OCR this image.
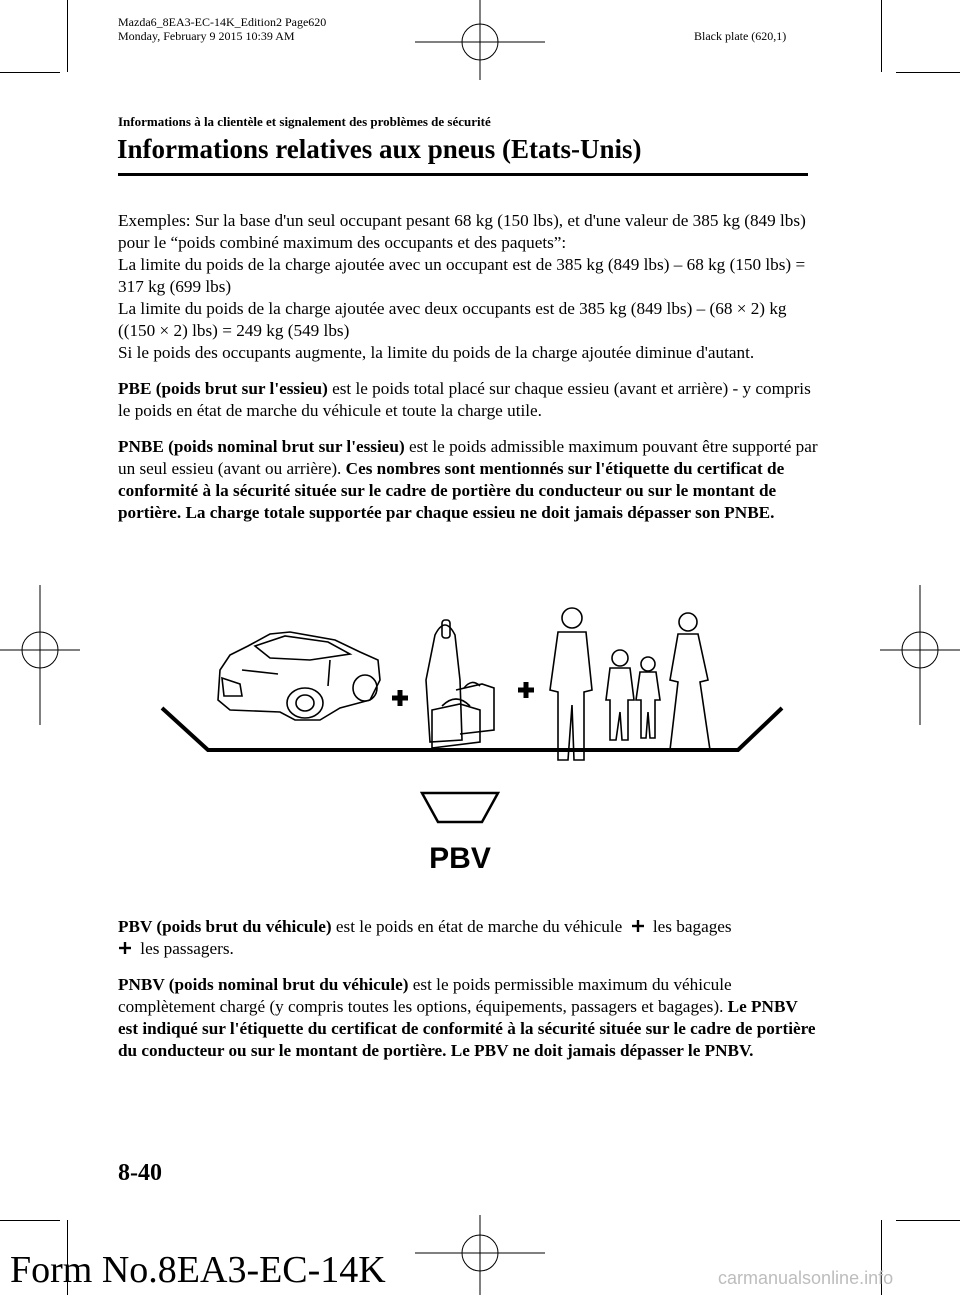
Mazda6_8EA3-EC-14K_Edition2 Page620
Monday, February 9 2015 10:39 AM	Black plate (620,1)
Informations à la clientèle et signalement des problèmes de sécurité
Informations relatives aux pneus (Etats-Unis)

Exemples: Sur la base d'un seul occupant pesant 68 kg (150 lbs), et d'une valeur de 385 kg (849 lbs) pour le “poids combiné maximum des occupants et des paquets”:
La limite du poids de la charge ajoutée avec un occupant est de 385 kg (849 lbs) – 68 kg (150 lbs) = 317 kg (699 lbs)
La limite du poids de la charge ajoutée avec deux occupants est de 385 kg (849 lbs) – (68 × 2) kg ((150 × 2) lbs) = 249 kg (549 lbs)
Si le poids des occupants augmente, la limite du poids de la charge ajoutée diminue d'autant.

PBE (poids brut sur l'essieu) est le poids total placé sur chaque essieu (avant et arrière) - y compris le poids en état de marche du véhicule et toute la charge utile.

PNBE (poids nominal brut sur l'essieu) est le poids admissible maximum pouvant être supporté par un seul essieu (avant ou arrière). Ces nombres sont mentionnés sur l'étiquette du certificat de conformité à la sécurité située sur le cadre de portière du conducteur ou sur le montant de portière. La charge totale supportée par chaque essieu ne doit jamais dépasser son PNBE.

PBV

PBV (poids brut du véhicule) est le poids en état de marche du véhicule  les bagages
les passagers.

PNBV (poids nominal brut du véhicule) est le poids permissible maximum du véhicule complètement chargé (y compris toutes les options, équipements, passagers et bagages). Le PNBV est indiqué sur l'étiquette du certificat de conformité à la sécurité située sur le cadre de portière du conducteur ou sur le montant de portière. Le PBV ne doit jamais dépasser le PNBV.

8-40
Form No.8EA3-EC-14K	carmanualsonline.info
